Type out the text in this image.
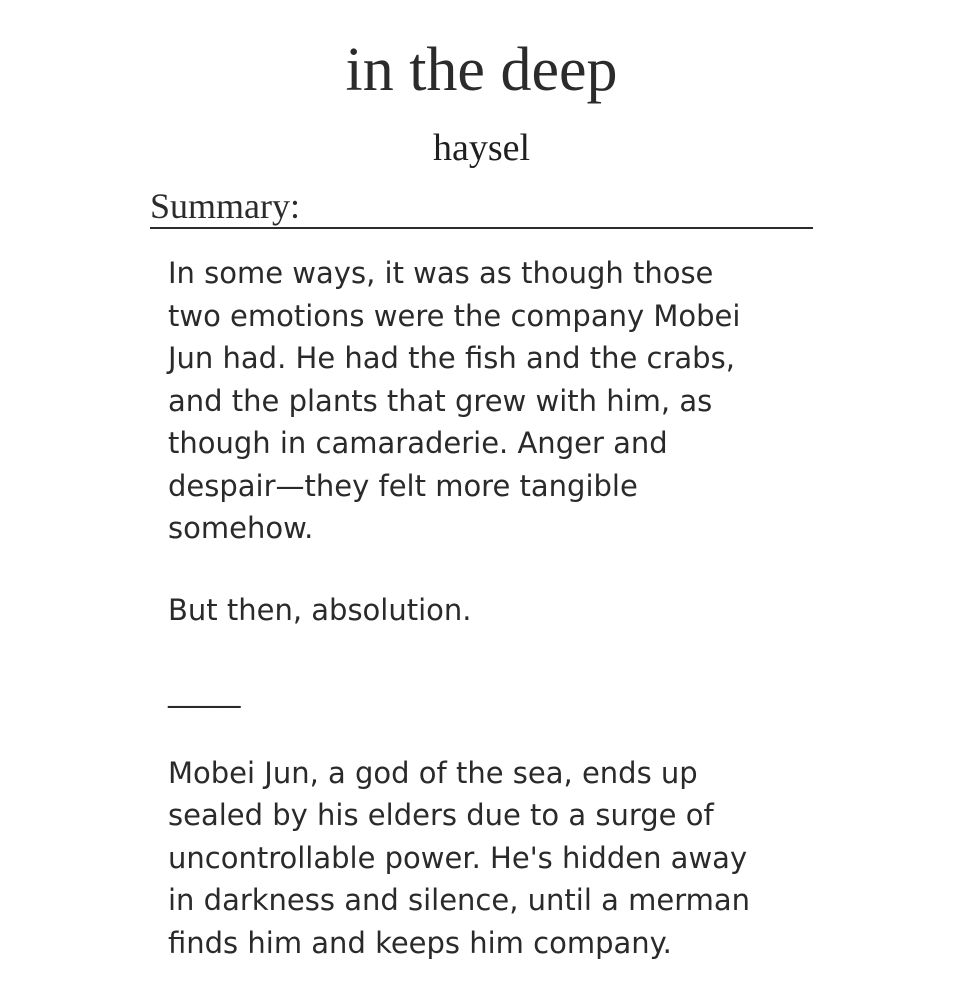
in the deep
haysel
Summary:

In some ways, it was as though those
two emotions were the company Mobei
Jun had. He had the fish and the crabs,
and the plants that grew with him, as
though in camaraderie. Anger and
despair—they felt more tangible
somehow.

But then, absolution.

_____

Mobei Jun, a god of the sea, ends up
sealed by his elders due to a surge of
uncontrollable power. He's hidden away
in darkness and silence, until a merman
finds him and keeps him company.
